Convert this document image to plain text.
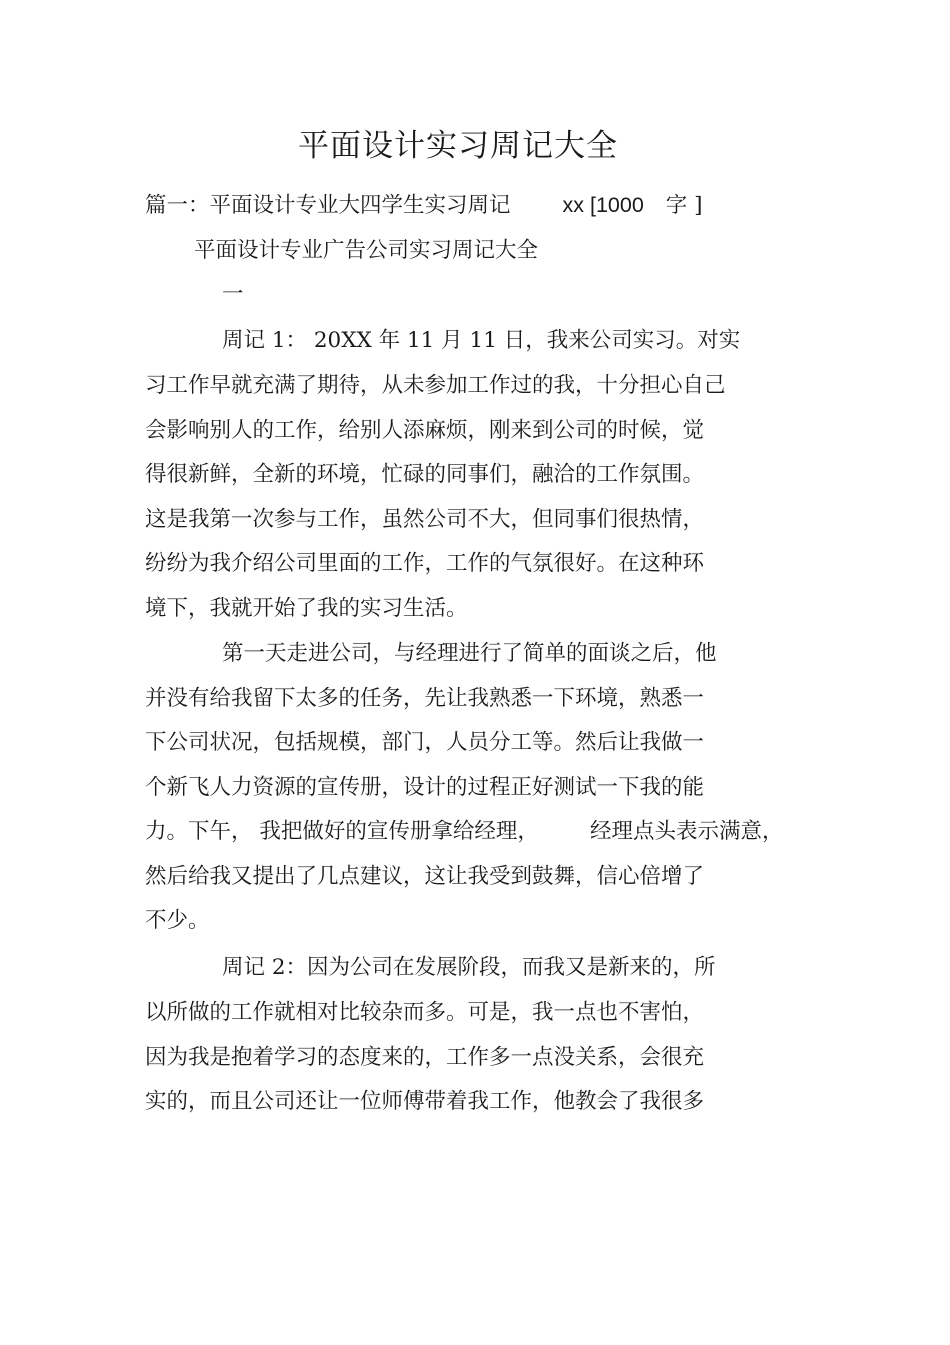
平面设计实习周记大全
篇一：平面设计专业大四学生实习周记 xx [1000 字 ]
平面设计专业广告公司实习周记大全
一
周记 1： 20XX 年 11 月 11 日，我来公司实习。对实
习工作早就充满了期待，从未参加工作过的我，十分担心自己
会影响别人的工作，给别人添麻烦，刚来到公司的时候，觉
得很新鲜，全新的环境，忙碌的同事们，融洽的工作氛围。
这是我第一次参与工作，虽然公司不大，但同事们很热情，
纷纷为我介绍公司里面的工作，工作的气氛很好。在这种环
境下，我就开始了我的实习生活。
第一天走进公司，与经理进行了简单的面谈之后，他
并没有给我留下太多的任务，先让我熟悉一下环境，熟悉一
下公司状况，包括规模，部门，人员分工等。然后让我做一
个新飞人力资源的宣传册，设计的过程正好测试一下我的能
力。下午， 我把做好的宣传册拿给经理， 经理点头表示满意，
然后给我又提出了几点建议，这让我受到鼓舞，信心倍增了
不少。
周记 2：因为公司在发展阶段，而我又是新来的，所
以所做的工作就相对比较杂而多。可是，我一点也不害怕，
因为我是抱着学习的态度来的，工作多一点没关系，会很充
实的，而且公司还让一位师傅带着我工作，他教会了我很多
